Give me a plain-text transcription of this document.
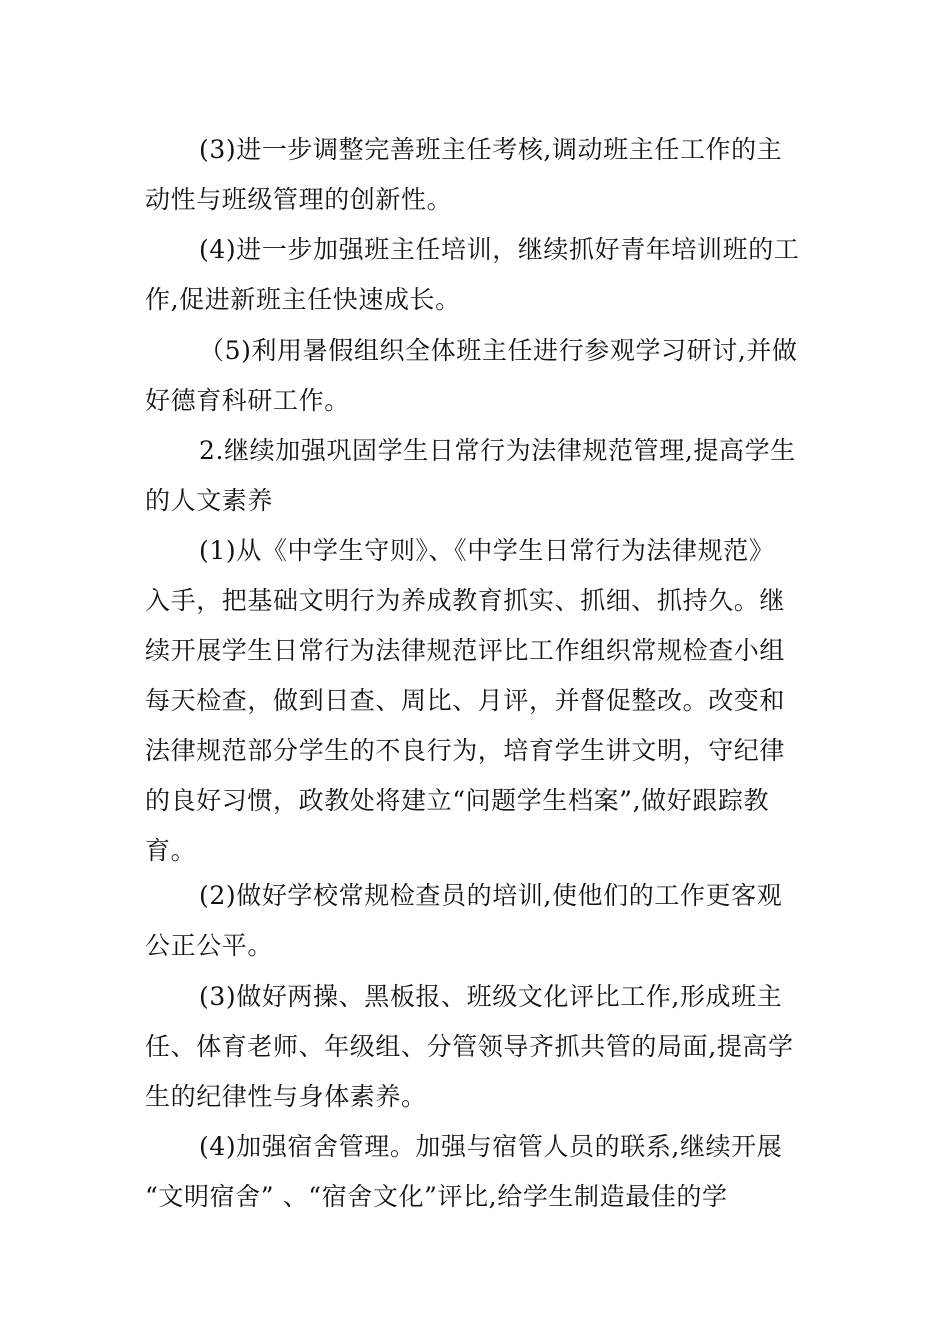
(3)进一步调整完善班主任考核,调动班主任工作的主
动性与班级管理的创新性。
(4)进一步加强班主任培训，继续抓好青年培训班的工
作,促进新班主任快速成长。
（5)利用暑假组织全体班主任进行参观学习研讨,并做
好德育科研工作。
2.继续加强巩固学生日常行为法律规范管理,提高学生
的人文素养
(1)从《中学生守则》、《中学生日常行为法律规范》
入手，把基础文明行为养成教育抓实、抓细、抓持久。继
续开展学生日常行为法律规范评比工作组织常规检查小组
每天检查，做到日查、周比、月评，并督促整改。改变和
法律规范部分学生的不良行为，培育学生讲文明，守纪律
的良好习惯，政教处将建立“问题学生档案”,做好跟踪教
育。
(2)做好学校常规检查员的培训,使他们的工作更客观
公正公平。
(3)做好两操、黑板报、班级文化评比工作,形成班主
任、体育老师、年级组、分管领导齐抓共管的局面,提高学
生的纪律性与身体素养。
(4)加强宿舍管理。加强与宿管人员的联系,继续开展
“文明宿舍” 、“宿舍文化”评比,给学生制造最佳的学
